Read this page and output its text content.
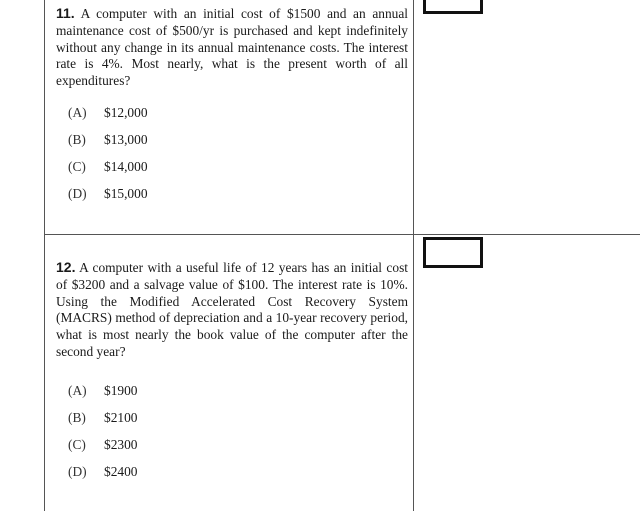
11. A computer with an initial cost of $1500 and an annual maintenance cost of $500/yr is purchased and kept indefinitely without any change in its annual maintenance costs. The interest rate is 4%. Most nearly, what is the present worth of all expenditures?
(A) $12,000
(B) $13,000
(C) $14,000
(D) $15,000
12. A computer with a useful life of 12 years has an initial cost of $3200 and a salvage value of $100. The interest rate is 10%. Using the Modified Accelerated Cost Recovery System (MACRS) method of depreciation and a 10-year recovery period, what is most nearly the book value of the computer after the second year?
(A) $1900
(B) $2100
(C) $2300
(D) $2400
